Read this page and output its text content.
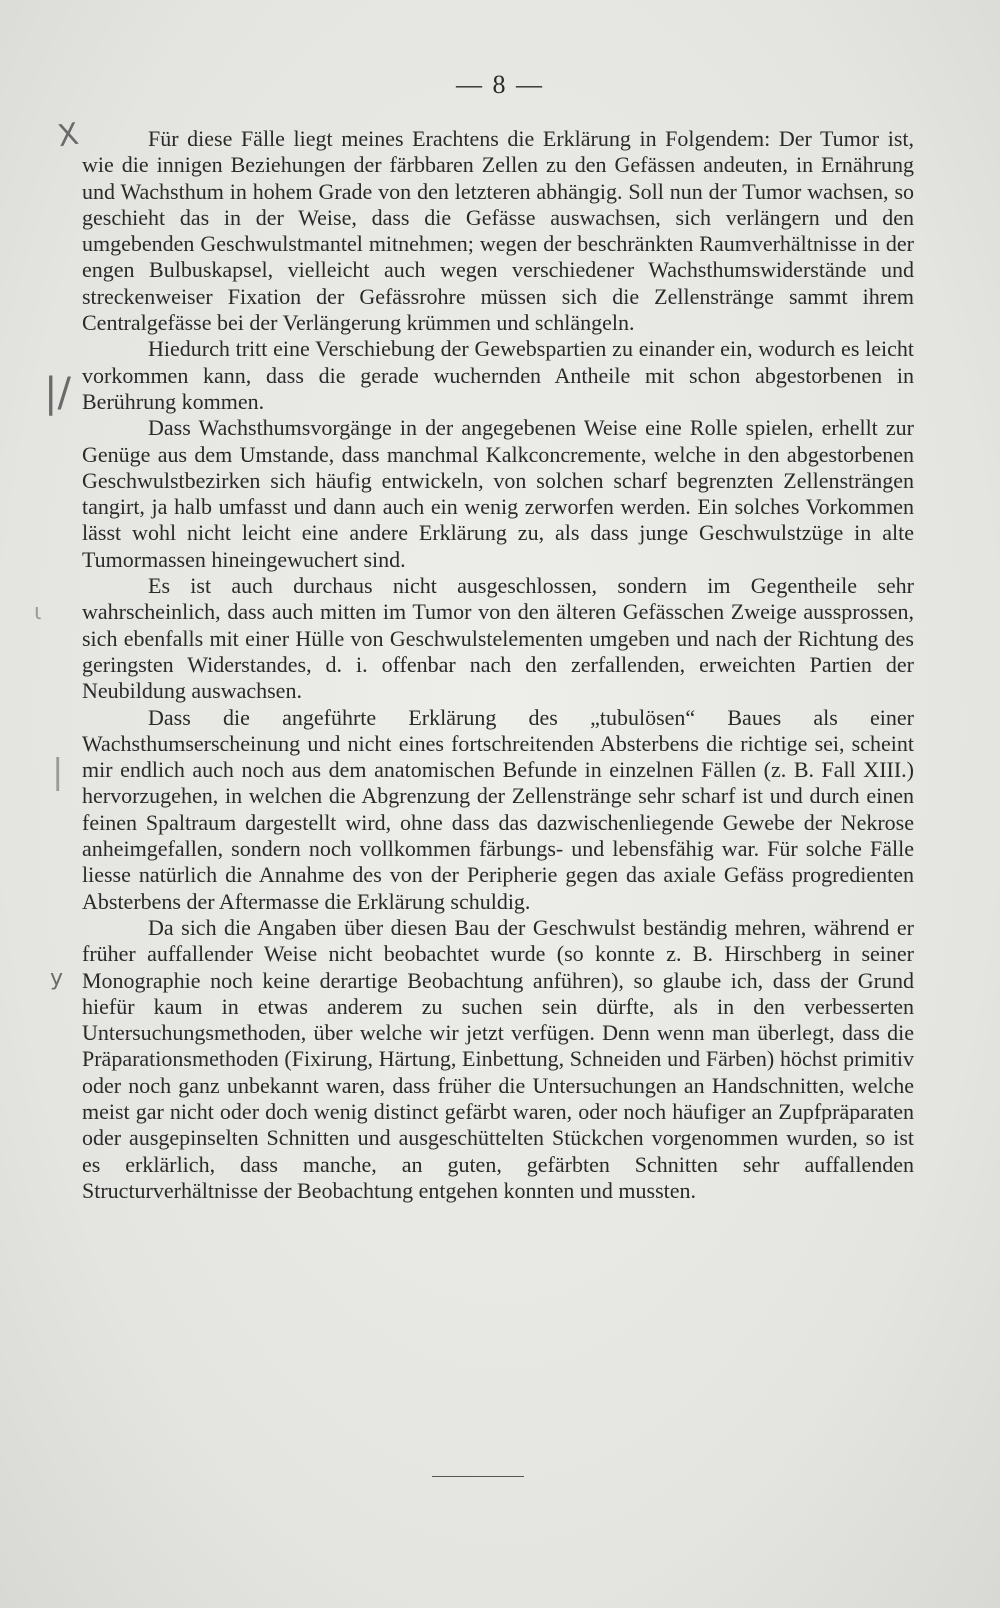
— 8 —
X
|/
ι
|
y

Für diese Fälle liegt meines Erachtens die Erklärung in Folgendem: Der Tumor ist, wie die innigen Beziehungen der färbbaren Zellen zu den Gefässen andeuten, in Ernährung und Wachsthum in hohem Grade von den letzteren abhängig. Soll nun der Tumor wachsen, so geschieht das in der Weise, dass die Gefässe auswachsen, sich verlängern und den umgebenden Geschwulstmantel mitnehmen; wegen der beschränkten Raumverhältnisse in der engen Bulbuskapsel, vielleicht auch wegen verschiedener Wachsthumswiderstände und streckenweiser Fixation der Gefässrohre müssen sich die Zellenstränge sammt ihrem Centralgefässe bei der Verlängerung krümmen und schlängeln.

Hiedurch tritt eine Verschiebung der Gewebspartien zu einander ein, wodurch es leicht vorkommen kann, dass die gerade wuchernden Antheile mit schon abgestorbenen in Berührung kommen.

Dass Wachsthumsvorgänge in der angegebenen Weise eine Rolle spielen, erhellt zur Genüge aus dem Umstande, dass manchmal Kalkconcremente, welche in den abgestorbenen Geschwulstbezirken sich häufig entwickeln, von solchen scharf begrenzten Zellensträngen tangirt, ja halb umfasst und dann auch ein wenig zerworfen werden. Ein solches Vorkommen lässt wohl nicht leicht eine andere Erklärung zu, als dass junge Geschwulstzüge in alte Tumormassen hineingewuchert sind.

Es ist auch durchaus nicht ausgeschlossen, sondern im Gegentheile sehr wahrscheinlich, dass auch mitten im Tumor von den älteren Gefässchen Zweige aussprossen, sich ebenfalls mit einer Hülle von Geschwulstelementen umgeben und nach der Richtung des geringsten Widerstandes, d. i. offenbar nach den zerfallenden, erweichten Partien der Neubildung auswachsen.

Dass die angeführte Erklärung des „tubulösen“ Baues als einer Wachsthumserscheinung und nicht eines fortschreitenden Absterbens die richtige sei, scheint mir endlich auch noch aus dem anatomischen Befunde in einzelnen Fällen (z. B. Fall XIII.) hervorzugehen, in welchen die Abgrenzung der Zellenstränge sehr scharf ist und durch einen feinen Spaltraum dargestellt wird, ohne dass das dazwischenliegende Gewebe der Nekrose anheimgefallen, sondern noch vollkommen färbungs- und lebensfähig war. Für solche Fälle liesse natürlich die Annahme des von der Peripherie gegen das axiale Gefäss progredienten Absterbens der Aftermasse die Erklärung schuldig.

Da sich die Angaben über diesen Bau der Geschwulst beständig mehren, während er früher auffallender Weise nicht beobachtet wurde (so konnte z. B. Hirschberg in seiner Monographie noch keine derartige Beobachtung anführen), so glaube ich, dass der Grund hiefür kaum in etwas anderem zu suchen sein dürfte, als in den verbesserten Untersuchungsmethoden, über welche wir jetzt verfügen. Denn wenn man überlegt, dass die Präparationsmethoden (Fixirung, Härtung, Einbettung, Schneiden und Färben) höchst primitiv oder noch ganz unbekannt waren, dass früher die Untersuchungen an Handschnitten, welche meist gar nicht oder doch wenig distinct gefärbt waren, oder noch häufiger an Zupfpräparaten oder ausgepinselten Schnitten und ausgeschüttelten Stückchen vorgenommen wurden, so ist es erklärlich, dass manche, an guten, gefärbten Schnitten sehr auffallenden Structurverhältnisse der Beobachtung entgehen konnten und mussten.
